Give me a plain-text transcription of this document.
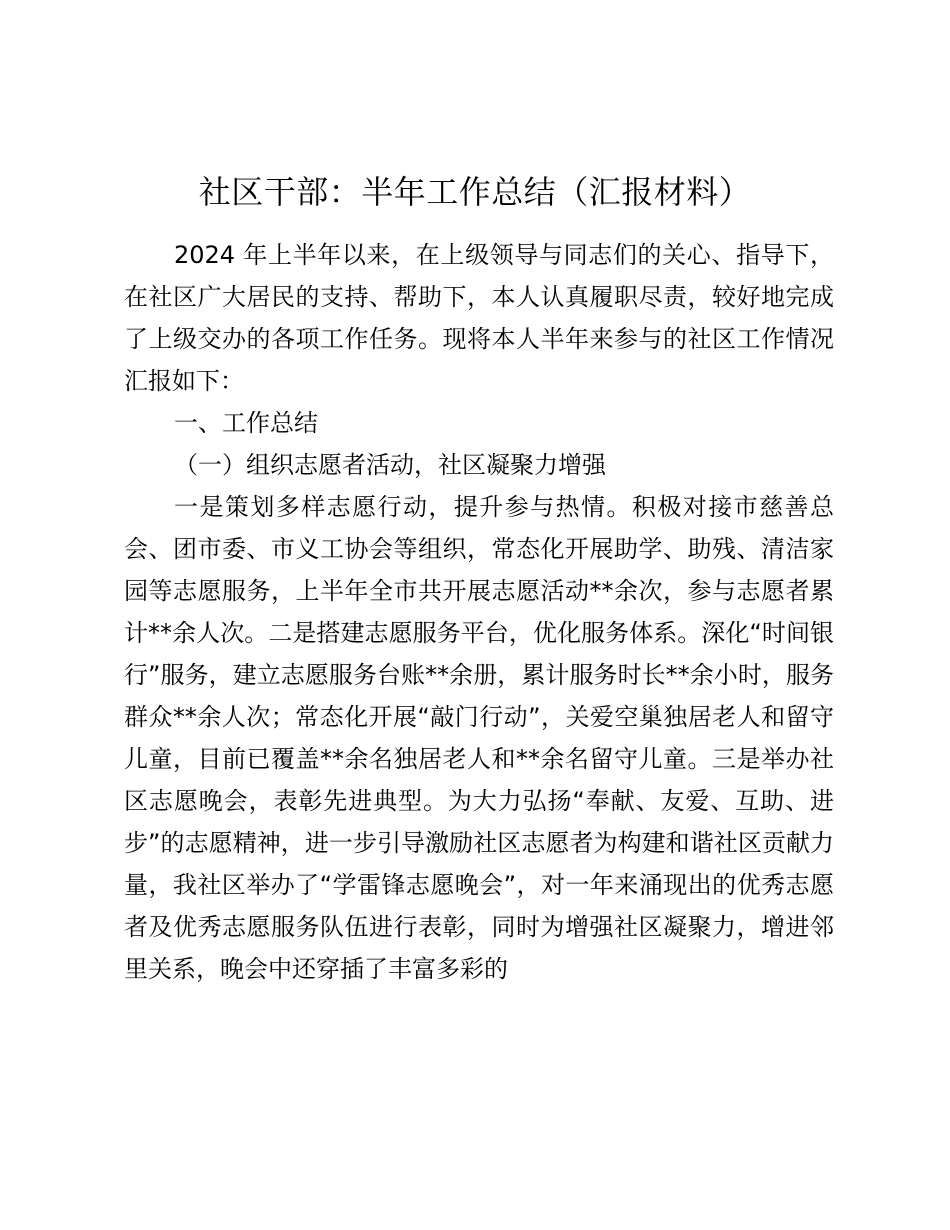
社区干部：半年工作总结（汇报材料）

2024 年上半年以来，在上级领导与同志们的关心、指导下，在社区广大居民的支持、帮助下，本人认真履职尽责，较好地完成了上级交办的各项工作任务。现将本人半年来参与的社区工作情况汇报如下：

一、工作总结

（一）组织志愿者活动，社区凝聚力增强

一是策划多样志愿行动，提升参与热情。积极对接市慈善总会、团市委、市义工协会等组织，常态化开展助学、助残、清洁家园等志愿服务，上半年全市共开展志愿活动**余次，参与志愿者累计**余人次。二是搭建志愿服务平台，优化服务体系。深化“时间银行”服务，建立志愿服务台账**余册，累计服务时长**余小时，服务群众**余人次；常态化开展“敲门行动”，关爱空巢独居老人和留守儿童，目前已覆盖**余名独居老人和**余名留守儿童。三是举办社区志愿晚会，表彰先进典型。为大力弘扬“奉献、友爱、互助、进步”的志愿精神，进一步引导激励社区志愿者为构建和谐社区贡献力量，我社区举办了“学雷锋志愿晚会”，对一年来涌现出的优秀志愿者及优秀志愿服务队伍进行表彰，同时为增强社区凝聚力，增进邻里关系，晚会中还穿插了丰富多彩的
